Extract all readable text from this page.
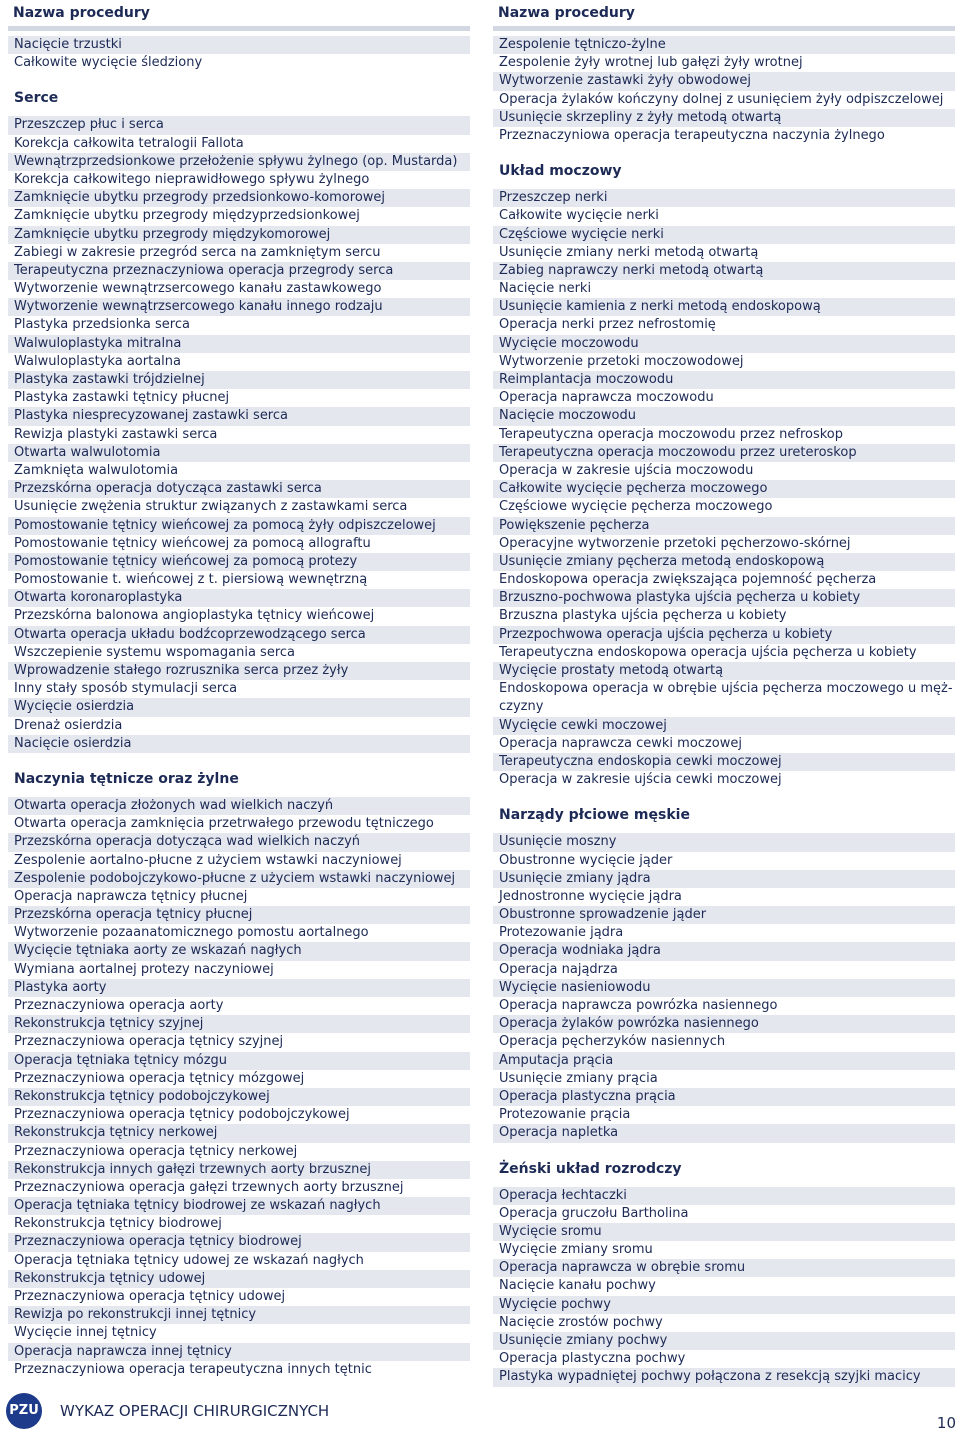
Nazwa procedury
Nacięcie trzustki
Całkowite wycięcie śledziony
Serce
Przeszczep płuc i serca
Korekcja całkowita tetralogii Fallota
Wewnątrzprzedsionkowe przełożenie spływu żylnego (op. Mustarda)
Korekcja całkowitego nieprawidłowego spływu żylnego
Zamknięcie ubytku przegrody przedsionkowo-komorowej
Zamknięcie ubytku przegrody międzyprzedsionkowej
Zamknięcie ubytku przegrody międzykomorowej
Zabiegi w zakresie przegród serca na zamkniętym sercu
Terapeutyczna przeznaczyniowa operacja przegrody serca
Wytworzenie wewnątrzsercowego kanału zastawkowego
Wytworzenie wewnątrzsercowego kanału innego rodzaju
Plastyka przedsionka serca
Walwuloplastyka mitralna
Walwuloplastyka aortalna
Plastyka zastawki trójdzielnej
Plastyka zastawki tętnicy płucnej
Plastyka niesprecyzowanej zastawki serca
Rewizja plastyki zastawki serca
Otwarta walwulotomia
Zamknięta walwulotomia
Przezskórna operacja dotycząca zastawki serca
Usunięcie zwężenia struktur związanych z zastawkami serca
Pomostowanie tętnicy wieńcowej za pomocą żyły odpiszczelowej
Pomostowanie tętnicy wieńcowej za pomocą allograftu
Pomostowanie tętnicy wieńcowej za pomocą protezy
Pomostowanie t. wieńcowej z t. piersiową wewnętrzną
Otwarta koronaroplastyka
Przezskórna balonowa angioplastyka tętnicy wieńcowej
Otwarta operacja układu bodźcoprzewodzącego serca
Wszczepienie systemu wspomagania serca
Wprowadzenie stałego rozrusznika serca przez żyły
Inny stały sposób stymulacji serca
Wycięcie osierdzia
Drenaż osierdzia
Nacięcie osierdzia
Naczynia tętnicze oraz żylne
Otwarta operacja złożonych wad wielkich naczyń
Otwarta operacja zamknięcia przetrwałego przewodu tętniczego
Przezskórna operacja dotycząca wad wielkich naczyń
Zespolenie aortalno-płucne z użyciem wstawki naczyniowej
Zespolenie podobojczykowo-płucne z użyciem wstawki naczyniowej
Operacja naprawcza tętnicy płucnej
Przezskórna operacja tętnicy płucnej
Wytworzenie pozaanatomicznego pomostu aortalnego
Wycięcie tętniaka aorty ze wskazań nagłych
Wymiana aortalnej protezy naczyniowej
Plastyka aorty
Przeznaczyniowa operacja aorty
Rekonstrukcja tętnicy szyjnej
Przeznaczyniowa operacja tętnicy szyjnej
Operacja tętniaka tętnicy mózgu
Przeznaczyniowa operacja tętnicy mózgowej
Rekonstrukcja tętnicy podobojczykowej
Przeznaczyniowa operacja tętnicy podobojczykowej
Rekonstrukcja tętnicy nerkowej
Przeznaczyniowa operacja tętnicy nerkowej
Rekonstrukcja innych gałęzi trzewnych aorty brzusznej
Przeznaczyniowa operacja gałęzi trzewnych aorty brzusznej
Operacja tętniaka tętnicy biodrowej ze wskazań nagłych
Rekonstrukcja tętnicy biodrowej
Przeznaczyniowa operacja tętnicy biodrowej
Operacja tętniaka tętnicy udowej ze wskazań nagłych
Rekonstrukcja tętnicy udowej
Przeznaczyniowa operacja tętnicy udowej
Rewizja po rekonstrukcji innej tętnicy
Wycięcie innej tętnicy
Operacja naprawcza innej tętnicy
Przeznaczyniowa operacja terapeutyczna innych tętnic
Nazwa procedury
Zespolenie tętniczo-żylne
Zespolenie żyły wrotnej lub gałęzi żyły wrotnej
Wytworzenie zastawki żyły obwodowej
Operacja żylaków kończyny dolnej z usunięciem żyły odpiszczelowej
Usunięcie skrzepliny z żyły metodą otwartą
Przeznaczyniowa operacja terapeutyczna naczynia żylnego
Układ moczowy
Przeszczep nerki
Całkowite wycięcie nerki
Częściowe wycięcie nerki
Usunięcie zmiany nerki metodą otwartą
Zabieg naprawczy nerki metodą otwartą
Nacięcie nerki
Usunięcie kamienia z nerki metodą endoskopową
Operacja nerki przez nefrostomię
Wycięcie moczowodu
Wytworzenie przetoki moczowodowej
Reimplantacja moczowodu
Operacja naprawcza moczowodu
Nacięcie moczowodu
Terapeutyczna operacja moczowodu przez nefroskop
Terapeutyczna operacja moczowodu przez ureteroskop
Operacja w zakresie ujścia moczowodu
Całkowite wycięcie pęcherza moczowego
Częściowe wycięcie pęcherza moczowego
Powiększenie pęcherza
Operacyjne wytworzenie przetoki pęcherzowo-skórnej
Usunięcie zmiany pęcherza metodą endoskopową
Endoskopowa operacja zwiększająca pojemność pęcherza
Brzuszno-pochwowa plastyka ujścia pęcherza u kobiety
Brzuszna plastyka ujścia pęcherza u kobiety
Przezpochwowa operacja ujścia pęcherza u kobiety
Terapeutyczna endoskopowa operacja ujścia pęcherza u kobiety
Wycięcie prostaty metodą otwartą
Endoskopowa operacja w obrębie ujścia pęcherza moczowego u męż-czyzny
Wycięcie cewki moczowej
Operacja naprawcza cewki moczowej
Terapeutyczna endoskopia cewki moczowej
Operacja w zakresie ujścia cewki moczowej
Narządy płciowe męskie
Usunięcie moszny
Obustronne wycięcie jąder
Usunięcie zmiany jądra
Jednostronne wycięcie jądra
Obustronne sprowadzenie jąder
Protezowanie jądra
Operacja wodniaka jądra
Operacja najądrza
Wycięcie nasieniowodu
Operacja naprawcza powrózka nasiennego
Operacja żylaków powrózka nasiennego
Operacja pęcherzyków nasiennych
Amputacja prącia
Usunięcie zmiany prącia
Operacja plastyczna prącia
Protezowanie prącia
Operacja napletka
Żeński układ rozrodczy
Operacja łechtaczki
Operacja gruczołu Bartholina
Wycięcie sromu
Wycięcie zmiany sromu
Operacja naprawcza w obrębie sromu
Nacięcie kanału pochwy
Wycięcie pochwy
Nacięcie zrostów pochwy
Usunięcie zmiany pochwy
Operacja plastyczna pochwy
Plastyka wypadniętej pochwy połączona z resekcją szyjki macicy
PZU WYKAZ OPERACJI CHIRURGICZNYCH
10
